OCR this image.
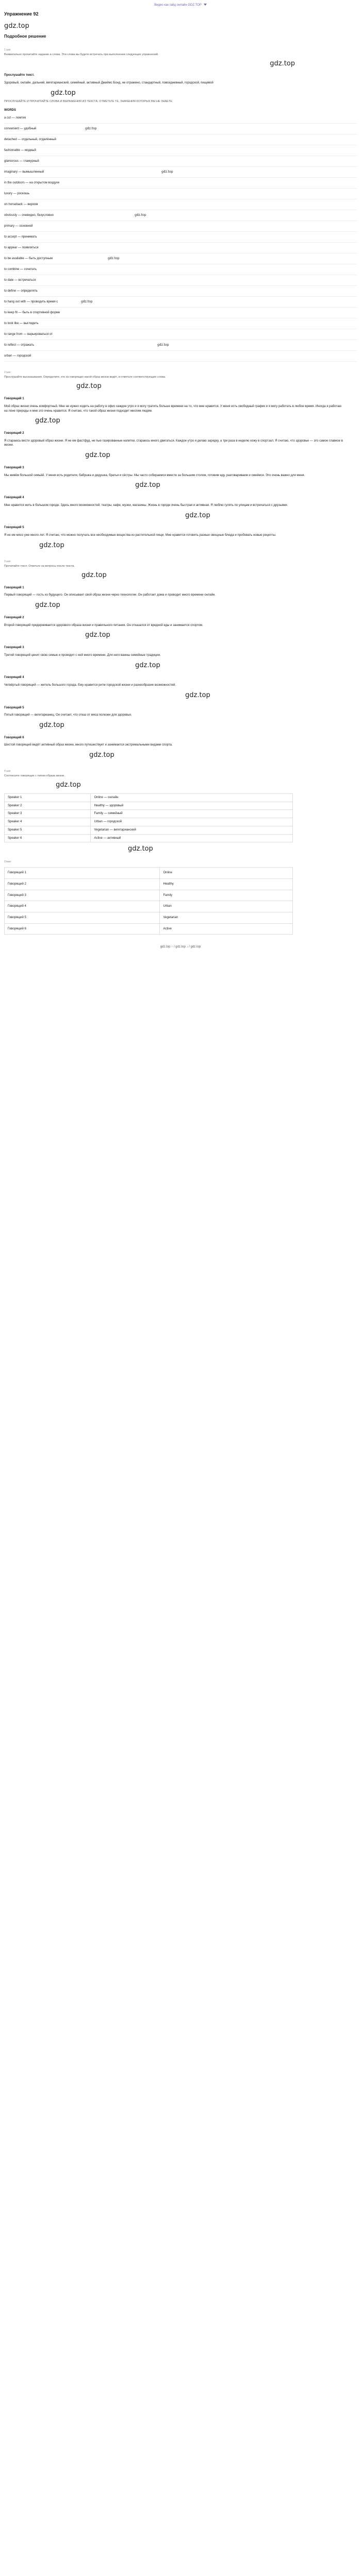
Видео как гайд онлайн GDZ.TOP
Упражнение 92
gdz.top
Подробное решение
1 шаг
Внимательно прочитайте задание и слова. Эти слова вы будете встречать при выполнении следующих упражнений.
gdz.top
Прослушайте текст.
Здоровый, онлайн, дальний, вегетарианский, семейный, активный Джеймс Бонд, не отражено, стандартный, повседневный, городской, пищевой
gdz.top
ПРОСЛУШАЙТЕ И ПРОЧИТАЙТЕ СЛОВА И ВЫРАЖЕНИЯ ИЗ ТЕКСТА. ОТМЕТЬТЕ ТЕ, ЗНАЧЕНИЯ КОТОРЫХ ВЫ НЕ ЗНАЕТЕ.
WORDS
a cut — ломтик
convenient — удобный	gdz.top
detached — отдельный, отделённый
fashionable — модный
glamorous — гламурный
imaginary — вымышленный	gdz.top
in the outdoors — на открытом воздухе
luxury — роскошь
on horseback — верхом
obviously — очевидно, безусловно	gdz.top
primary — основной
to accept — принимать
to appear — появляться
to be available — быть доступным	gdz.top
to combine — сочетать
to date — встречаться
to define — определять
to hang out with — проводить время с	gdz.top
to keep fit — быть в спортивной форме
to look like — выглядеть
to range from — варьироваться от
to reflect — отражать	gdz.top
urban — городской
2 шаг
Прослушайте высказывания. Определите, кто из говорящих какой образ жизни ведёт, и отметьте соответствующие слова.
gdz.top
Говорящий 1
Мой образ жизни очень комфортный. Мне не нужно ходить на работу в офис каждое утро и я могу тратить больше времени на то, что мне нравится. У меня есть свободный график и я могу работать в любое время. Иногда я работаю на лоне природы и мне это очень нравится. Я считаю, что такой образ жизни подходит многим людям.
gdz.top
Говорящий 2
Я стараюсь вести здоровый образ жизни. Я не ем фастфуд, не пью газированные напитки, стараюсь много двигаться. Каждое утро я делаю зарядку, а три раза в неделю хожу в спортзал. Я считаю, что здоровье — это самое главное в жизни.
gdz.top
Говорящий 3
Мы живём большой семьёй. У меня есть родители, бабушка и дедушка, братья и сёстры. Мы часто собираемся вместе за большим столом, готовим еду, разговариваем и смеёмся. Это очень важно для меня.
gdz.top
Говорящий 4
Мне нравится жить в большом городе. Здесь много возможностей: театры, кафе, музеи, магазины. Жизнь в городе очень быстрая и активная. Я люблю гулять по улицам и встречаться с друзьями.
gdz.top
Говорящий 5
Я не ем мясо уже много лет. Я считаю, что можно получать все необходимые вещества из растительной пищи. Мне нравится готовить разные овощные блюда и пробовать новые рецепты.
gdz.top
3 шаг
Прочитайте текст. Ответьте на вопросы после текста.
gdz.top
Говорящий 1
Первый говорящий — гость из будущего. Он описывает свой образ жизни через технологии. Он работает дома и проводит много времени онлайн.
gdz.top
Говорящий 2
Второй говорящий придерживается здорового образа жизни и правильного питания. Он отказался от вредной еды и занимается спортом.
gdz.top
Говорящий 3
Третий говорящий ценит свою семью и проводит с ней много времени. Для него важны семейные традиции.
gdz.top
Говорящий 4
Четвёртый говорящий — житель большого города. Ему нравится ритм городской жизни и разнообразие возможностей.
gdz.top
Говорящий 5
Пятый говорящий — вегетарианец. Он считает, что отказ от мяса полезен для здоровья.
gdz.top
Говорящий 6
Шестой говорящий ведёт активный образ жизни, много путешествует и занимается экстремальными видами спорта.
gdz.top
4 шаг
Соотнесите говорящих с типом образа жизни.
gdz.top
Speaker 1	Online — онлайн
Speaker 2	Healthy — здоровый
Speaker 3	Family — семейный
Speaker 4	Urban — городской
Speaker 5	Vegetarian — вегетарианский
Speaker 6	Active — активный
gdz.top
Ответ
Говорящий 1	Online
Говорящий 2	Healthy
Говорящий 3	Family
Говорящий 4	Urban
Говорящий 5	Vegetarian
Говорящий 6	Active
gdz.top ↑ / gdz.top ↓ / gdz.top
